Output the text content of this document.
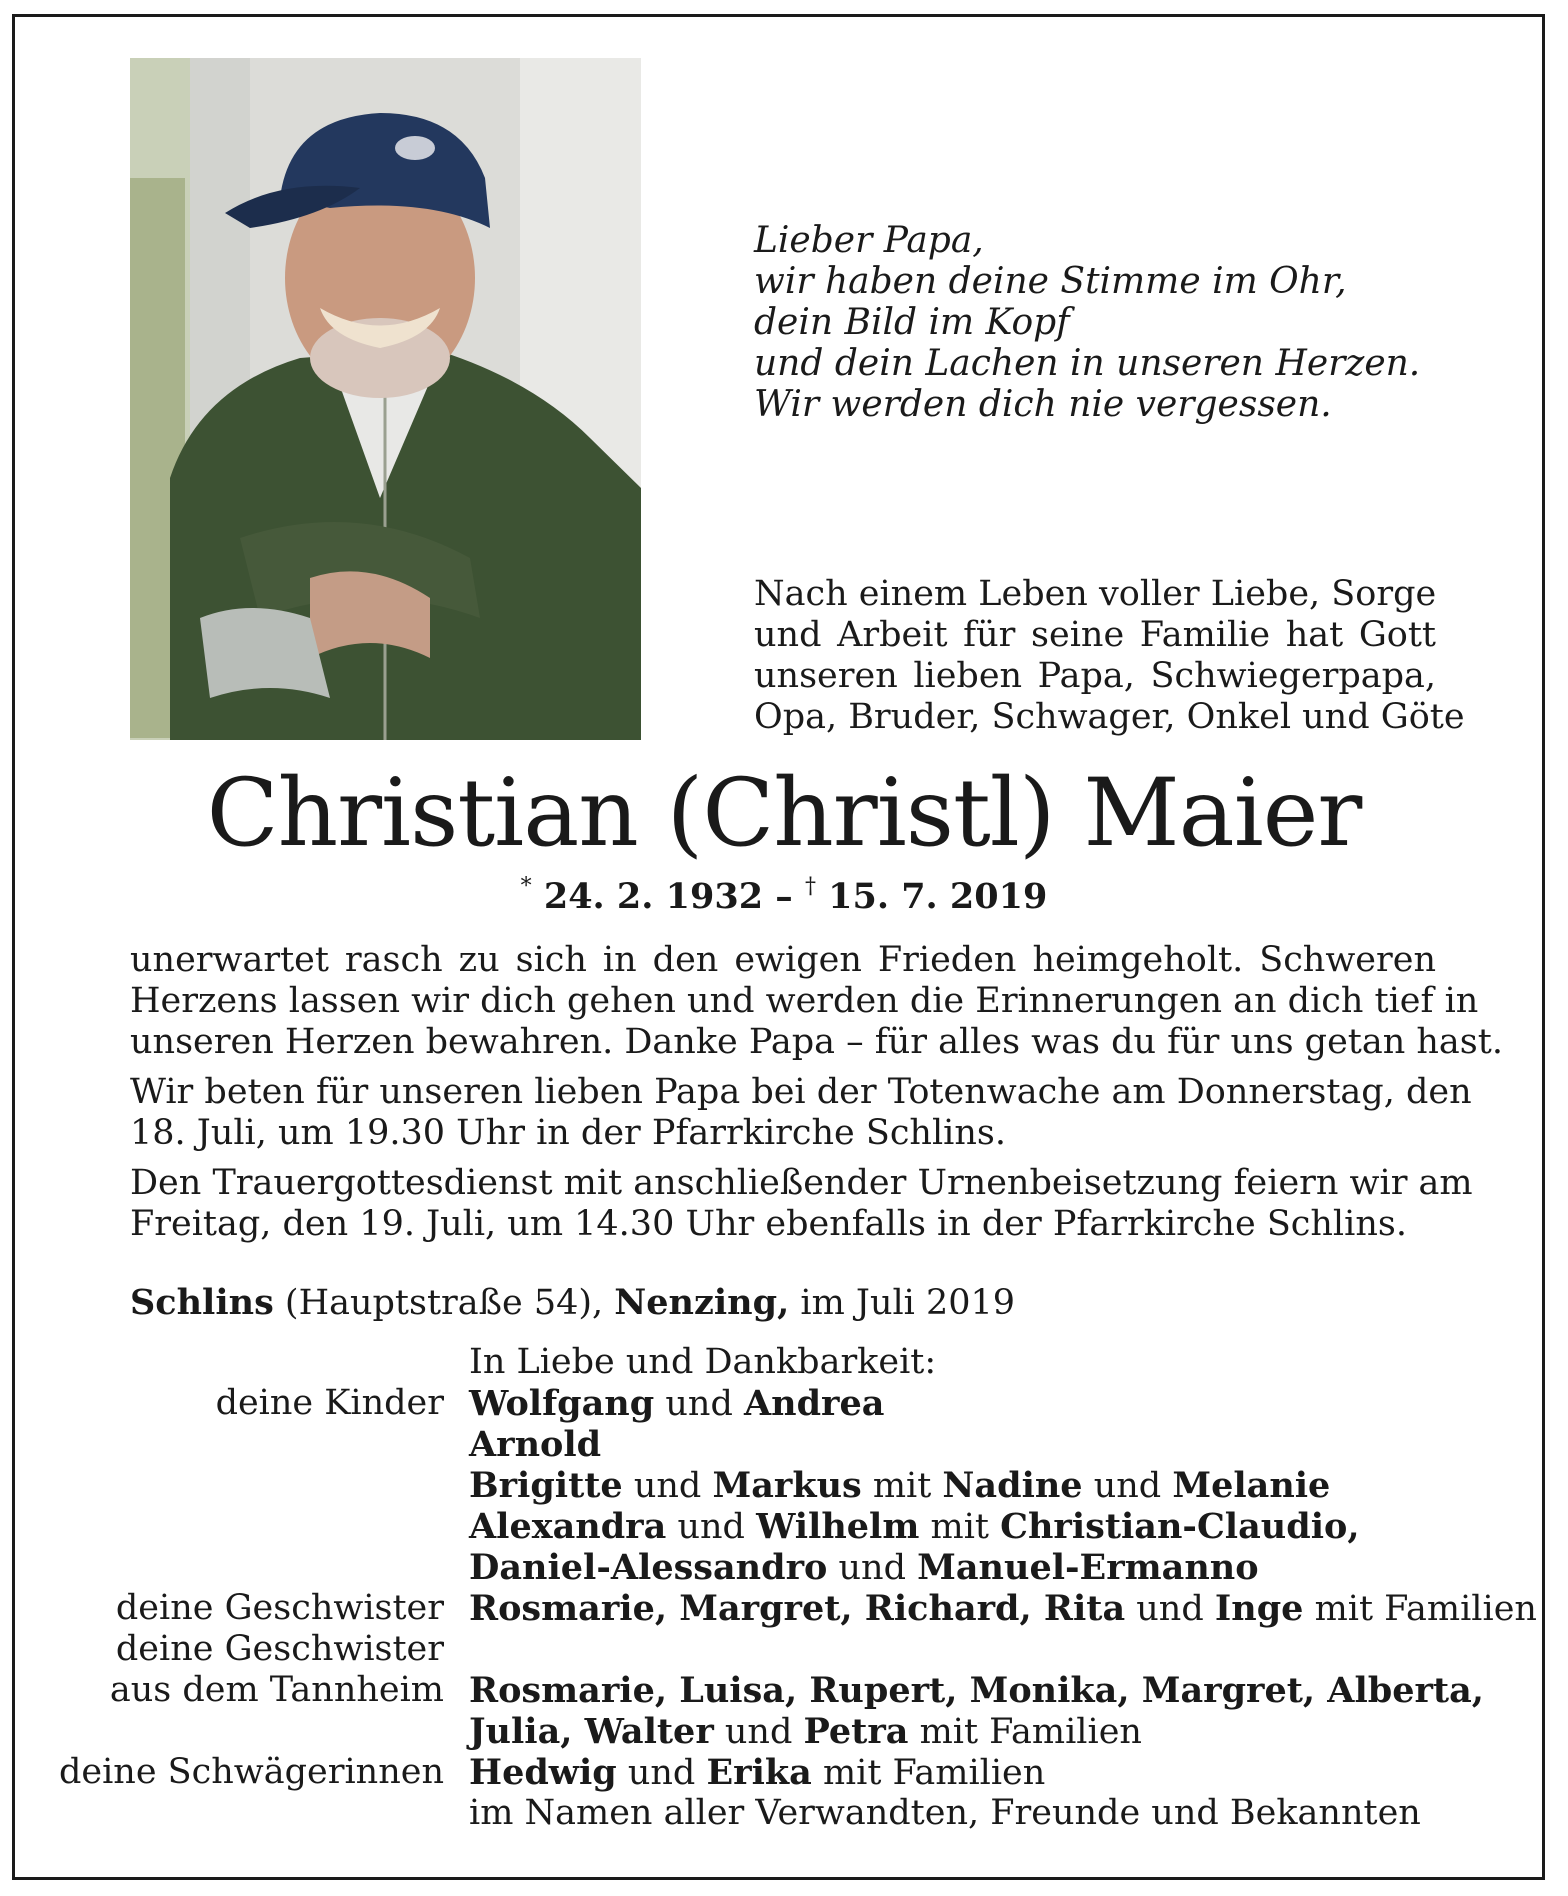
Lieber Papa,
wir haben deine Stimme im Ohr,
dein Bild im Kopf
und dein Lachen in unseren Herzen.
Wir werden dich nie vergessen.
Nach einem Leben voller Liebe, Sorge
und Arbeit für seine Familie hat Gott
unseren lieben Papa, Schwiegerpapa,
Opa, Bruder, Schwager, Onkel und Göte
Christian (Christl) Maier
* 24. 2. 1932 – † 15. 7. 2019
unerwartet rasch zu sich in den ewigen Frieden heimgeholt. Schweren
Herzens lassen wir dich gehen und werden die Erinnerungen an dich tief in
unseren Herzen bewahren. Danke Papa – für alles was du für uns getan hast.
Wir beten für unseren lieben Papa bei der Totenwache am Donnerstag, den
18. Juli, um 19.30 Uhr in der Pfarrkirche Schlins.
Den Trauergottesdienst mit anschließender Urnenbeisetzung feiern wir am
Freitag, den 19. Juli, um 14.30 Uhr ebenfalls in der Pfarrkirche Schlins.
Schlins (Hauptstraße 54), Nenzing, im Juli 2019
In Liebe und Dankbarkeit:
deine Kinder Wolfgang und Andrea
Arnold
Brigitte und Markus mit Nadine und Melanie
Alexandra und Wilhelm mit Christian-Claudio,
Daniel-Alessandro und Manuel-Ermanno
deine Geschwister Rosmarie, Margret, Richard, Rita und Inge mit Familien
deine Geschwister
aus dem Tannheim Rosmarie, Luisa, Rupert, Monika, Margret, Alberta,
Julia, Walter und Petra mit Familien
deine Schwägerinnen Hedwig und Erika mit Familien
im Namen aller Verwandten, Freunde und Bekannten
